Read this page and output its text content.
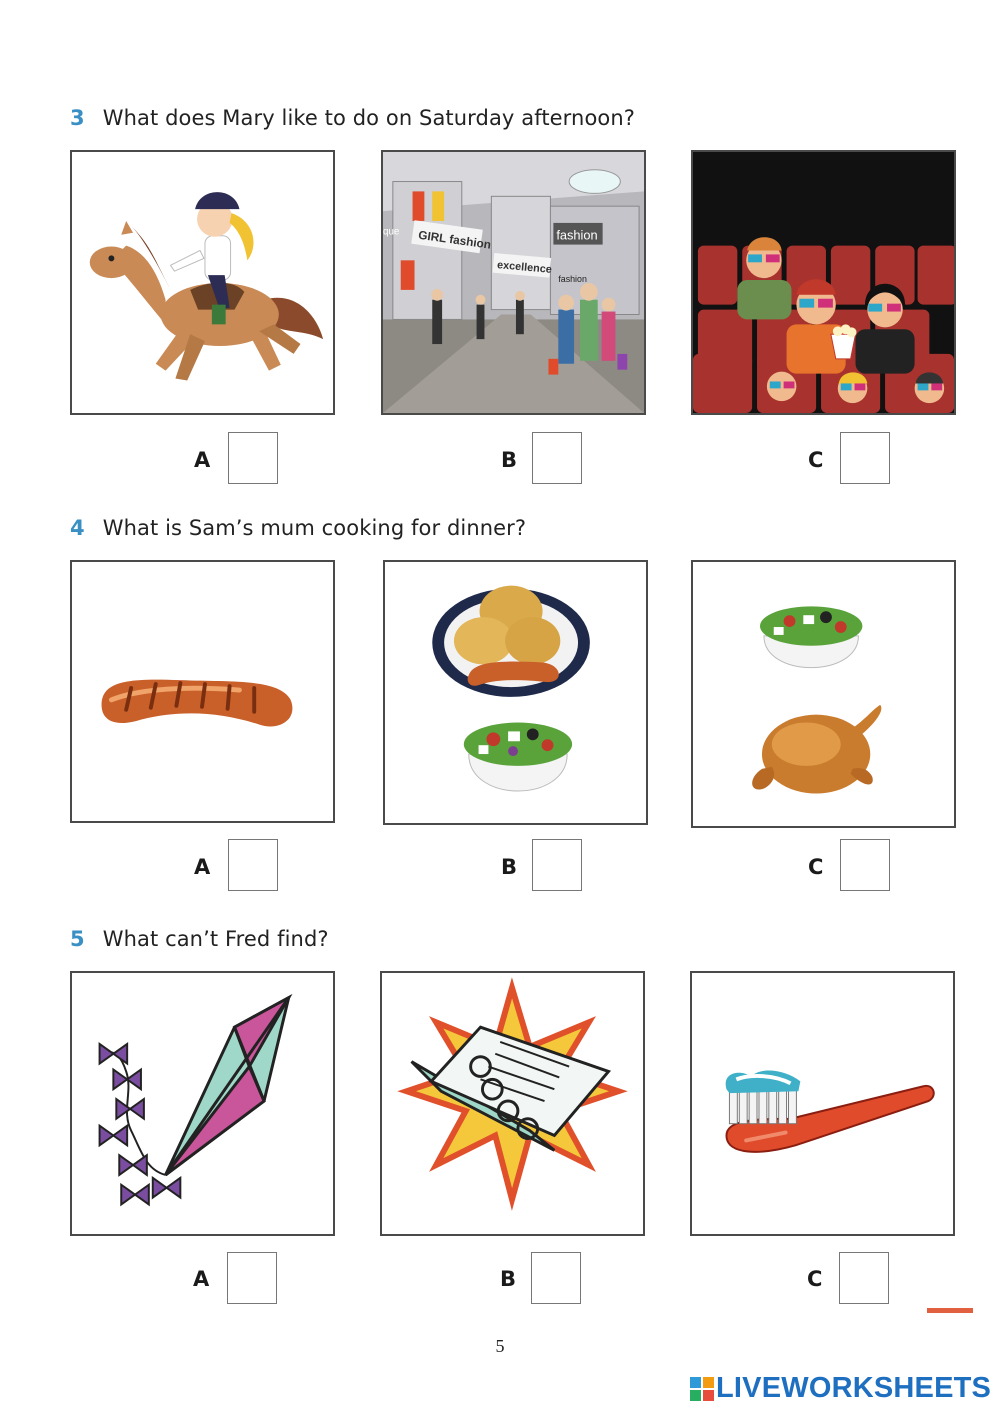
3 What does Mary like to do on Saturday afternoon?
GIRL fashion
excellence
fashion
fashion
que
A	B	C
4 What is Sam’s mum cooking for dinner?
A	B	C
5 What can’t Fred find?
A	B	C
5
LIVEWORKSHEETS
